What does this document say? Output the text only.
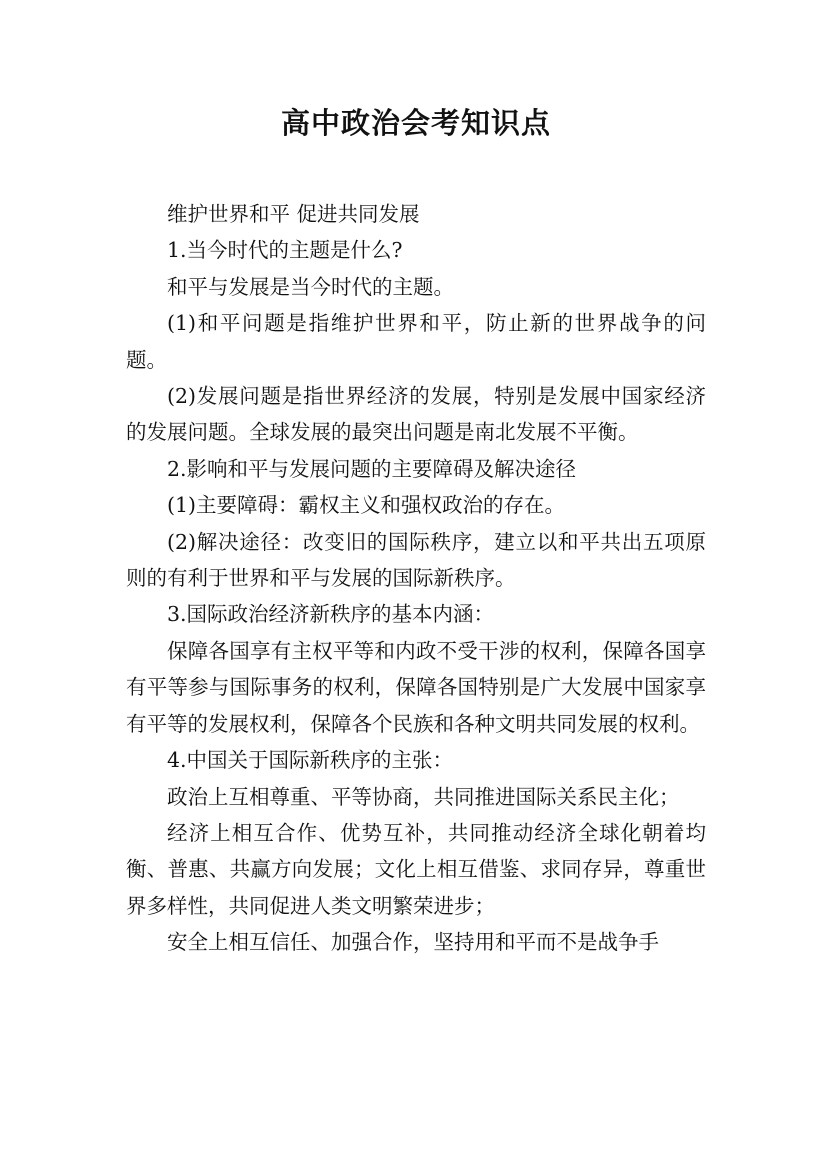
高中政治会考知识点

维护世界和平 促进共同发展

1.当今时代的主题是什么?

和平与发展是当今时代的主题。

(1)和平问题是指维护世界和平，防止新的世界战争的问题。

(2)发展问题是指世界经济的发展，特别是发展中国家经济的发展问题。全球发展的最突出问题是南北发展不平衡。

2.影响和平与发展问题的主要障碍及解决途径

(1)主要障碍：霸权主义和强权政治的存在。

(2)解决途径：改变旧的国际秩序，建立以和平共出五项原则的有利于世界和平与发展的国际新秩序。

3.国际政治经济新秩序的基本内涵：

保障各国享有主权平等和内政不受干涉的权利，保障各国享有平等参与国际事务的权利，保障各国特别是广大发展中国家享有平等的发展权利，保障各个民族和各种文明共同发展的权利。

4.中国关于国际新秩序的主张：

政治上互相尊重、平等协商，共同推进国际关系民主化；

经济上相互合作、优势互补，共同推动经济全球化朝着均衡、普惠、共赢方向发展；文化上相互借鉴、求同存异，尊重世界多样性，共同促进人类文明繁荣进步；

安全上相互信任、加强合作，坚持用和平而不是战争手
